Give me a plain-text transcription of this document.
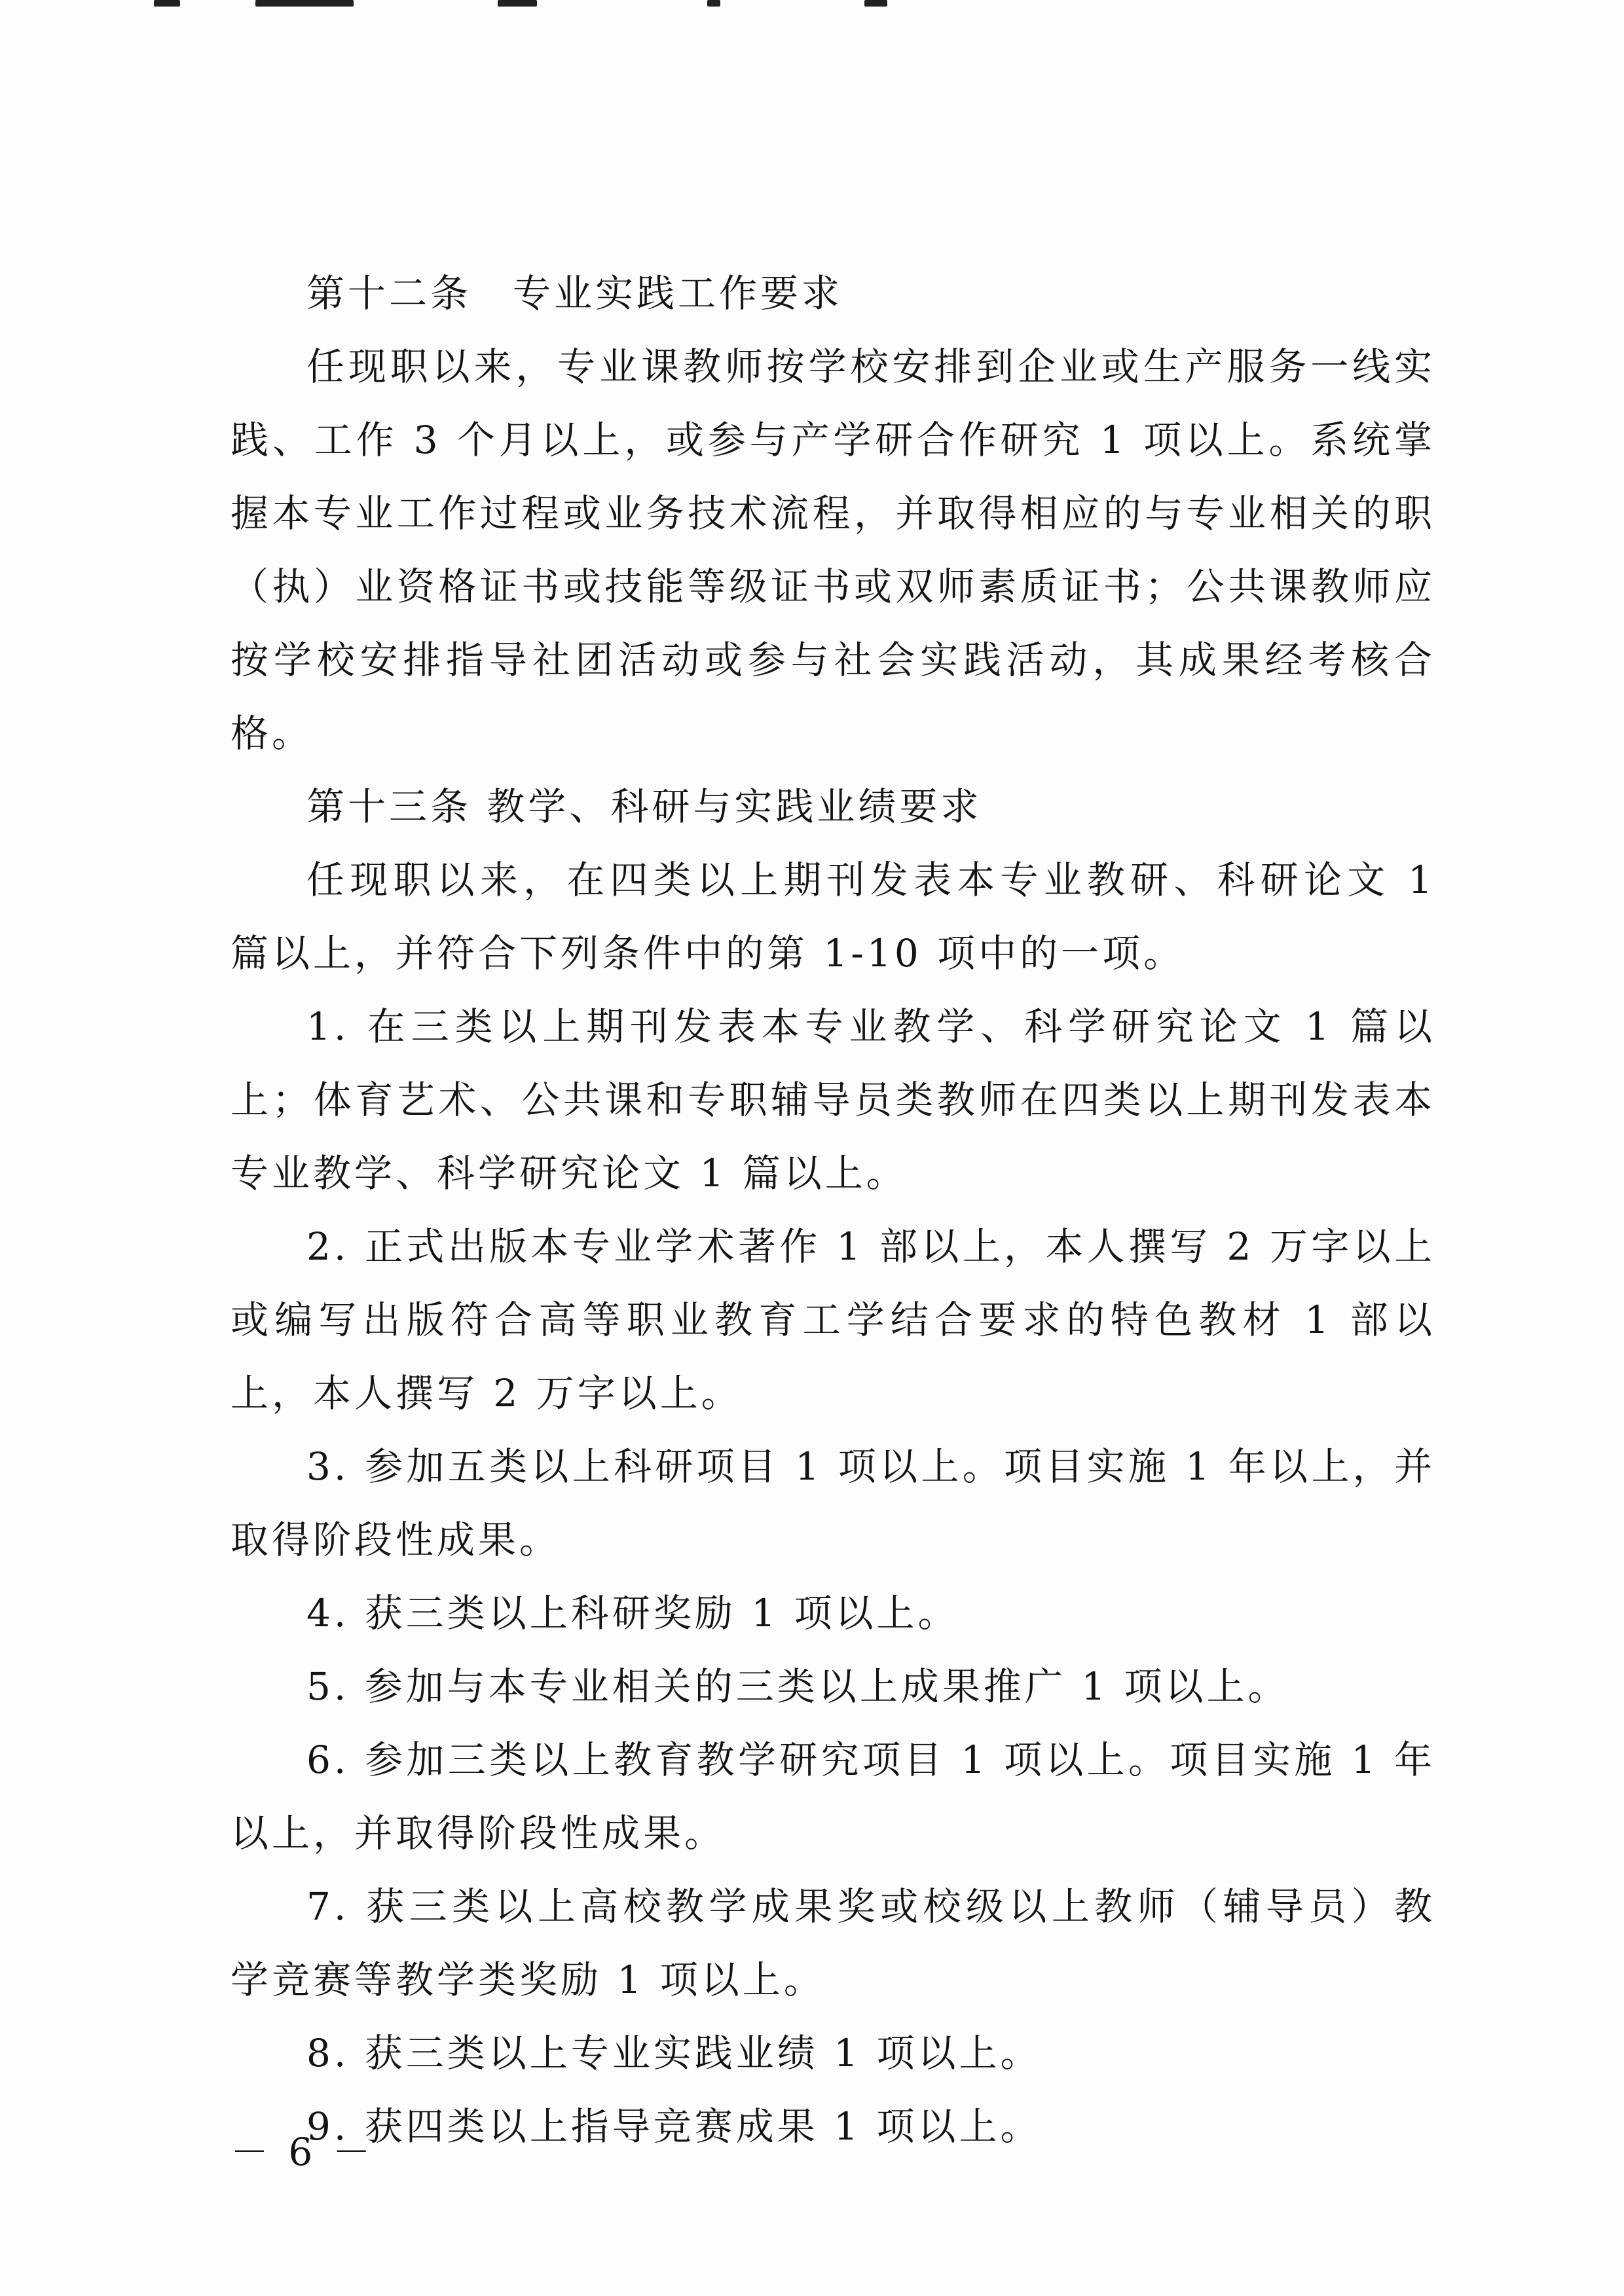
第十二条　专业实践工作要求

任现职以来，专业课教师按学校安排到企业或生产服务一线实践、工作 3 个月以上，或参与产学研合作研究 1 项以上。系统掌握本专业工作过程或业务技术流程，并取得相应的与专业相关的职（执）业资格证书或技能等级证书或双师素质证书；公共课教师应按学校安排指导社团活动或参与社会实践活动，其成果经考核合格。

第十三条 教学、科研与实践业绩要求

任现职以来，在四类以上期刊发表本专业教研、科研论文 1 篇以上，并符合下列条件中的第 1-10 项中的一项。

1. 在三类以上期刊发表本专业教学、科学研究论文 1 篇以上；体育艺术、公共课和专职辅导员类教师在四类以上期刊发表本专业教学、科学研究论文 1 篇以上。

2. 正式出版本专业学术著作 1 部以上，本人撰写 2 万字以上或编写出版符合高等职业教育工学结合要求的特色教材 1 部以上，本人撰写 2 万字以上。

3. 参加五类以上科研项目 1 项以上。项目实施 1 年以上，并取得阶段性成果。

4. 获三类以上科研奖励 1 项以上。

5. 参加与本专业相关的三类以上成果推广 1 项以上。

6. 参加三类以上教育教学研究项目 1 项以上。项目实施 1 年以上，并取得阶段性成果。

7. 获三类以上高校教学成果奖或校级以上教师（辅导员）教学竞赛等教学类奖励 1 项以上。

8. 获三类以上专业实践业绩 1 项以上。

9. 获四类以上指导竞赛成果 1 项以上。

－ 6 －
